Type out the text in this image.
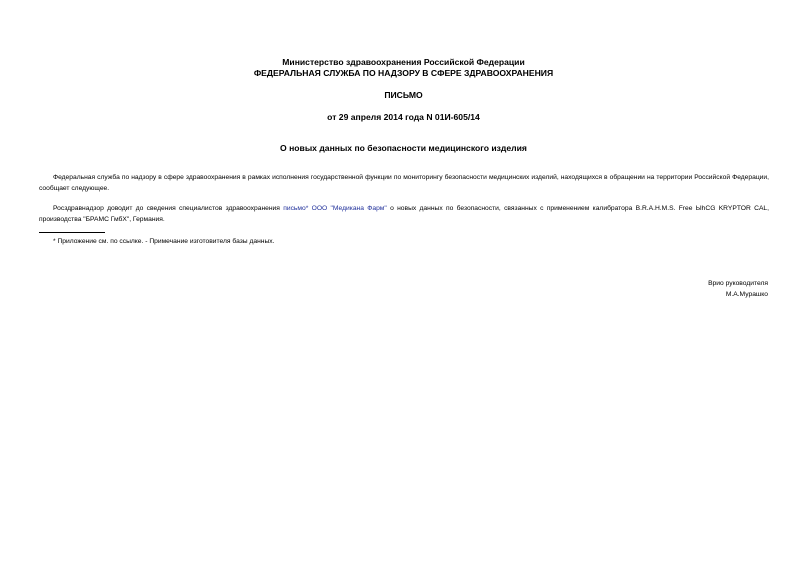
Министерство здравоохранения Российской Федерации
ФЕДЕРАЛЬНАЯ СЛУЖБА ПО НАДЗОРУ В СФЕРЕ ЗДРАВООХРАНЕНИЯ
ПИСЬМО
от 29 апреля 2014 года N 01И-605/14
О новых данных по безопасности медицинского изделия
Федеральная служба по надзору в сфере здравоохранения в рамках исполнения государственной функции по мониторингу безопасности медицинских изделий, находящихся в обращении на территории Российской Федерации, сообщает следующее.
Росздравнадзор доводит до сведения специалистов здравоохранения письмо* ООО "Медикана Фарм" о новых данных по безопасности, связанных с применением калибратора B.R.A.H.M.S. Free ЫhCG KRYPTOR CAL, производства "БРАМС ГмбХ", Германия.
* Приложение см. по ссылке. - Примечание изготовителя базы данных.
Врио руководителя
М.А.Мурашко
